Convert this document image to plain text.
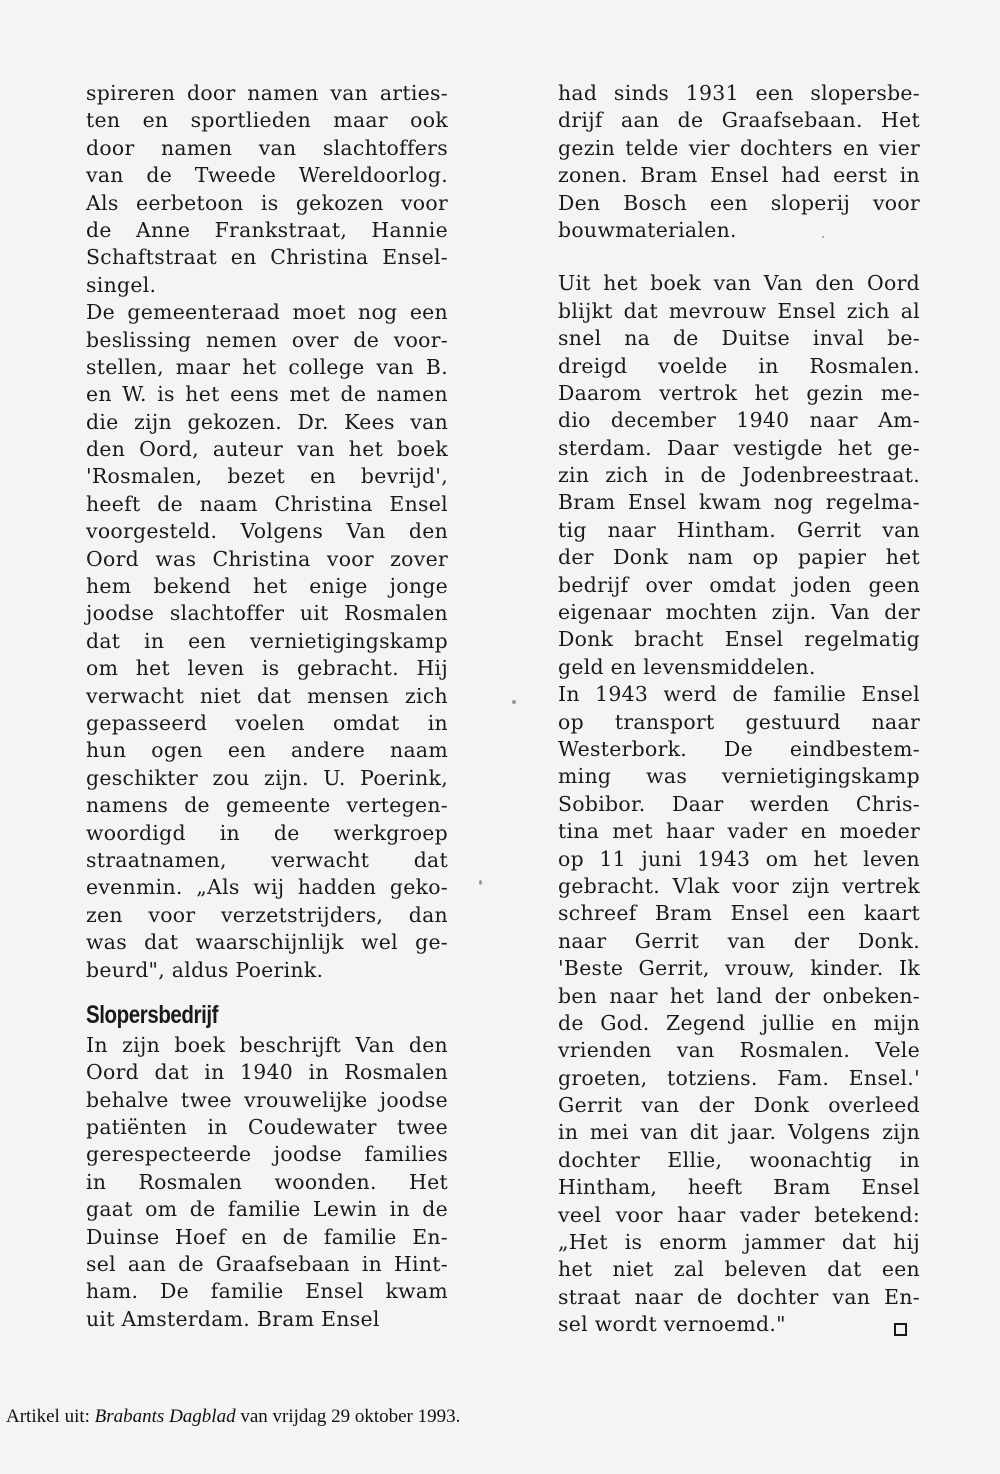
spireren door namen van arties-
ten en sportlieden maar ook
door namen van slachtoffers
van de Tweede Wereldoorlog.
Als eerbetoon is gekozen voor
de Anne Frankstraat, Hannie
Schaftstraat en Christina Ensel-
singel.
De gemeenteraad moet nog een
beslissing nemen over de voor-
stellen, maar het college van B.
en W. is het eens met de namen
die zijn gekozen. Dr. Kees van
den Oord, auteur van het boek
'Rosmalen, bezet en bevrijd',
heeft de naam Christina Ensel
voorgesteld. Volgens Van den
Oord was Christina voor zover
hem bekend het enige jonge
joodse slachtoffer uit Rosmalen
dat in een vernietigingskamp
om het leven is gebracht. Hij
verwacht niet dat mensen zich
gepasseerd voelen omdat in
hun ogen een andere naam
geschikter zou zijn. U. Poerink,
namens de gemeente vertegen-
woordigd in de werkgroep
straatnamen, verwacht dat
evenmin. „Als wij hadden geko-
zen voor verzetstrijders, dan
was dat waarschijnlijk wel ge-
beurd", aldus Poerink.
Slopersbedrijf
In zijn boek beschrijft Van den
Oord dat in 1940 in Rosmalen
behalve twee vrouwelijke joodse
patiënten in Coudewater twee
gerespecteerde joodse families
in Rosmalen woonden. Het
gaat om de familie Lewin in de
Duinse Hoef en de familie En-
sel aan de Graafsebaan in Hint-
ham. De familie Ensel kwam
uit Amsterdam. Bram Ensel
had sinds 1931 een slopersbe-
drijf aan de Graafsebaan. Het
gezin telde vier dochters en vier
zonen. Bram Ensel had eerst in
Den Bosch een sloperij voor
bouwmaterialen.
Uit het boek van Van den Oord
blijkt dat mevrouw Ensel zich al
snel na de Duitse inval be-
dreigd voelde in Rosmalen.
Daarom vertrok het gezin me-
dio december 1940 naar Am-
sterdam. Daar vestigde het ge-
zin zich in de Jodenbreestraat.
Bram Ensel kwam nog regelma-
tig naar Hintham. Gerrit van
der Donk nam op papier het
bedrijf over omdat joden geen
eigenaar mochten zijn. Van der
Donk bracht Ensel regelmatig
geld en levensmiddelen.
In 1943 werd de familie Ensel
op transport gestuurd naar
Westerbork. De eindbestem-
ming was vernietigingskamp
Sobibor. Daar werden Chris-
tina met haar vader en moeder
op 11 juni 1943 om het leven
gebracht. Vlak voor zijn vertrek
schreef Bram Ensel een kaart
naar Gerrit van der Donk.
'Beste Gerrit, vrouw, kinder. Ik
ben naar het land der onbeken-
de God. Zegend jullie en mijn
vrienden van Rosmalen. Vele
groeten, totziens. Fam. Ensel.'
Gerrit van der Donk overleed
in mei van dit jaar. Volgens zijn
dochter Ellie, woonachtig in
Hintham, heeft Bram Ensel
veel voor haar vader betekend:
„Het is enorm jammer dat hij
het niet zal beleven dat een
straat naar de dochter van En-
sel wordt vernoemd."
Artikel uit: Brabants Dagblad van vrijdag 29 oktober 1993.
